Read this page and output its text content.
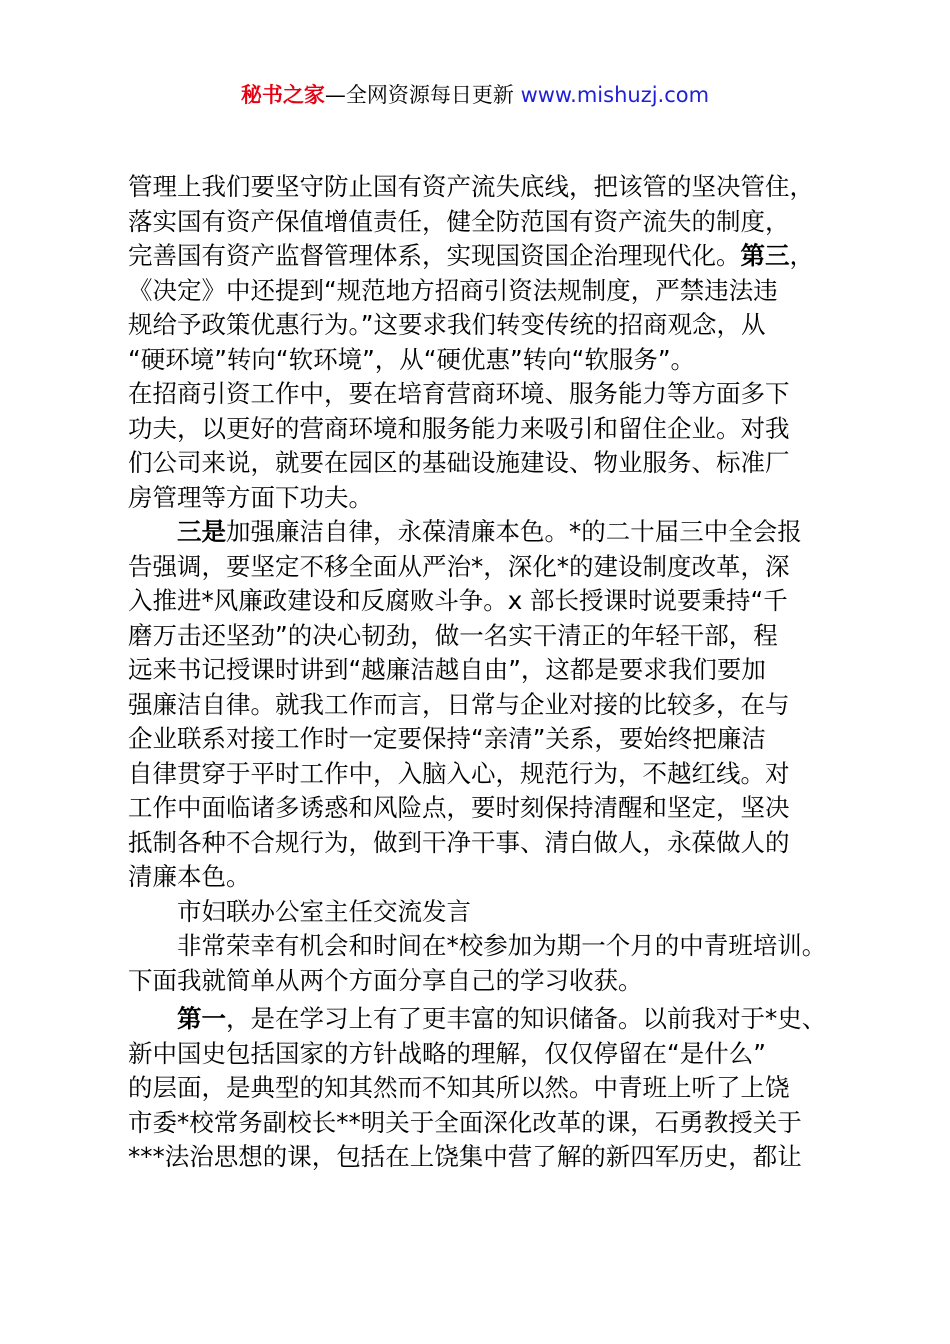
秘书之家—全网资源每日更新 www.mishuzj.com
管理上我们要坚守防止国有资产流失底线，把该管的坚决管住，
落实国有资产保值增值责任，健全防范国有资产流失的制度，
完善国有资产监督管理体系，实现国资国企治理现代化。第三，
《决定》中还提到“规范地方招商引资法规制度，严禁违法违
规给予政策优惠行为。”这要求我们转变传统的招商观念，从
“硬环境”转向“软环境”，从“硬优惠”转向“软服务”。
在招商引资工作中，要在培育营商环境、服务能力等方面多下
功夫，以更好的营商环境和服务能力来吸引和留住企业。对我
们公司来说，就要在园区的基础设施建设、物业服务、标准厂
房管理等方面下功夫。
三是加强廉洁自律，永葆清廉本色。*的二十届三中全会报
告强调，要坚定不移全面从严治*，深化*的建设制度改革，深
入推进*风廉政建设和反腐败斗争。x 部长授课时说要秉持“千
磨万击还坚劲”的决心韧劲，做一名实干清正的年轻干部，程
远来书记授课时讲到“越廉洁越自由”，这都是要求我们要加
强廉洁自律。就我工作而言，日常与企业对接的比较多，在与
企业联系对接工作时一定要保持“亲清”关系，要始终把廉洁
自律贯穿于平时工作中，入脑入心，规范行为，不越红线。对
工作中面临诸多诱惑和风险点，要时刻保持清醒和坚定，坚决
抵制各种不合规行为，做到干净干事、清白做人，永葆做人的
清廉本色。
市妇联办公室主任交流发言
非常荣幸有机会和时间在*校参加为期一个月的中青班培训。
下面我就简单从两个方面分享自己的学习收获。
第一，是在学习上有了更丰富的知识储备。以前我对于*史、
新中国史包括国家的方针战略的理解，仅仅停留在“是什么”
的层面，是典型的知其然而不知其所以然。中青班上听了上饶
市委*校常务副校长**明关于全面深化改革的课，石勇教授关于
***法治思想的课，包括在上饶集中营了解的新四军历史，都让
